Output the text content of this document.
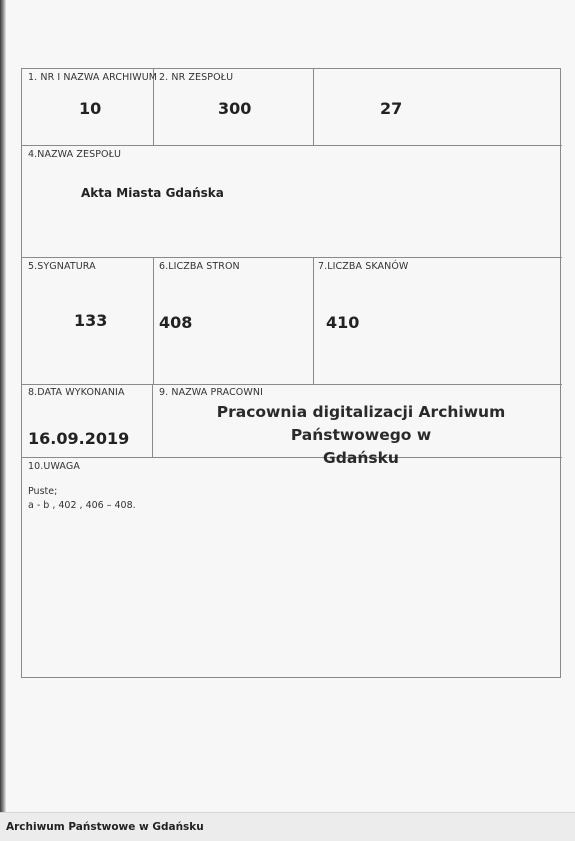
1. NR I NAZWA ARCHIWUM
10
2. NR ZESPOŁU
300	27
4.NAZWA ZESPOŁU
Akta Miasta Gdańska
5.SYGNATURA
133
6.LICZBA STRON
408
7.LICZBA SKANÓW
410
8.DATA WYKONANIA
16.09.2019
9. NAZWA PRACOWNI
Pracownia digitalizacji Archiwum Państwowego w
Gdańsku
10.UWAGA
Puste;
a - b , 402 , 406 – 408.
Archiwum Państwowe w Gdańsku
